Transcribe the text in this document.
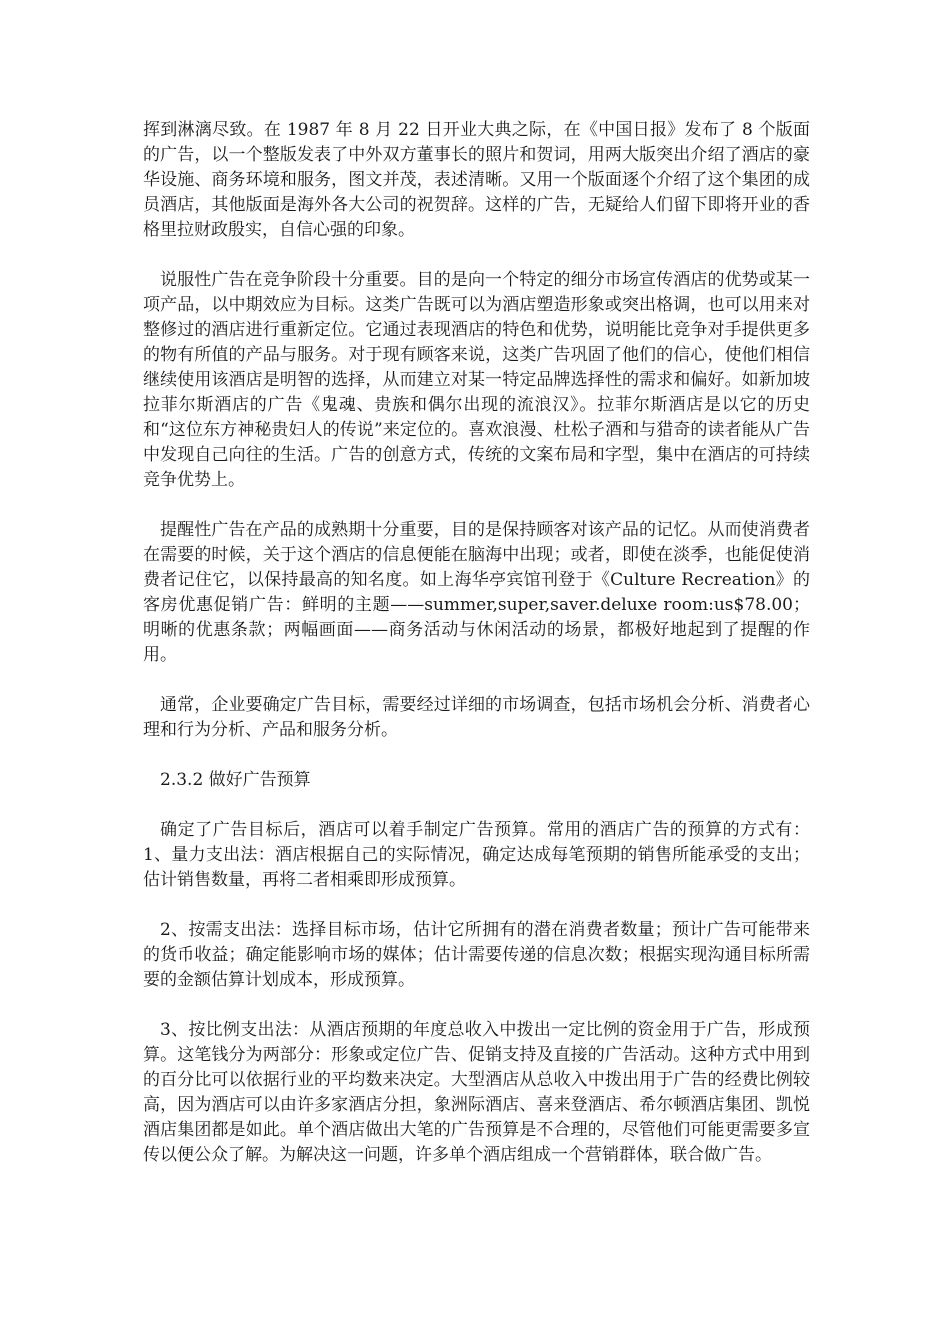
挥到淋漓尽致。在 1987 年 8 月 22 日开业大典之际，在《中国日报》发布了 8 个版面的广告，以一个整版发表了中外双方董事长的照片和贺词，用两大版突出介绍了酒店的豪华设施、商务环境和服务，图文并茂，表述清晰。又用一个版面逐个介绍了这个集团的成员酒店，其他版面是海外各大公司的祝贺辞。这样的广告，无疑给人们留下即将开业的香格里拉财政殷实，自信心强的印象。

说服性广告在竞争阶段十分重要。目的是向一个特定的细分市场宣传酒店的优势或某一项产品，以中期效应为目标。这类广告既可以为酒店塑造形象或突出格调，也可以用来对整修过的酒店进行重新定位。它通过表现酒店的特色和优势，说明能比竞争对手提供更多的物有所值的产品与服务。对于现有顾客来说，这类广告巩固了他们的信心，使他们相信继续使用该酒店是明智的选择，从而建立对某一特定品牌选择性的需求和偏好。如新加坡拉菲尔斯酒店的广告《鬼魂、贵族和偶尔出现的流浪汉》。拉菲尔斯酒店是以它的历史和“这位东方神秘贵妇人的传说”来定位的。喜欢浪漫、杜松子酒和与猎奇的读者能从广告中发现自己向往的生活。广告的创意方式，传统的文案布局和字型，集中在酒店的可持续竞争优势上。

提醒性广告在产品的成熟期十分重要，目的是保持顾客对该产品的记忆。从而使消费者在需要的时候，关于这个酒店的信息便能在脑海中出现；或者，即使在淡季，也能促使消费者记住它，以保持最高的知名度。如上海华亭宾馆刊登于《Culture Recreation》的客房优惠促销广告：鲜明的主题——summer,super,saver.deluxe room:us$78.00；明晰的优惠条款；两幅画面——商务活动与休闲活动的场景，都极好地起到了提醒的作用。

通常，企业要确定广告目标，需要经过详细的市场调查，包括市场机会分析、消费者心理和行为分析、产品和服务分析。

2.3.2 做好广告预算

确定了广告目标后，酒店可以着手制定广告预算。常用的酒店广告的预算的方式有： 1、量力支出法：酒店根据自己的实际情况，确定达成每笔预期的销售所能承受的支出；估计销售数量，再将二者相乘即形成预算。

2、按需支出法：选择目标市场，估计它所拥有的潜在消费者数量；预计广告可能带来的货币收益；确定能影响市场的媒体；估计需要传递的信息次数；根据实现沟通目标所需要的金额估算计划成本，形成预算。

3、按比例支出法：从酒店预期的年度总收入中拨出一定比例的资金用于广告，形成预算。这笔钱分为两部分：形象或定位广告、促销支持及直接的广告活动。这种方式中用到的百分比可以依据行业的平均数来决定。大型酒店从总收入中拨出用于广告的经费比例较高，因为酒店可以由许多家酒店分担，象洲际酒店、喜来登酒店、希尔顿酒店集团、凯悦酒店集团都是如此。单个酒店做出大笔的广告预算是不合理的，尽管他们可能更需要多宣传以便公众了解。为解决这一问题，许多单个酒店组成一个营销群体，联合做广告。
